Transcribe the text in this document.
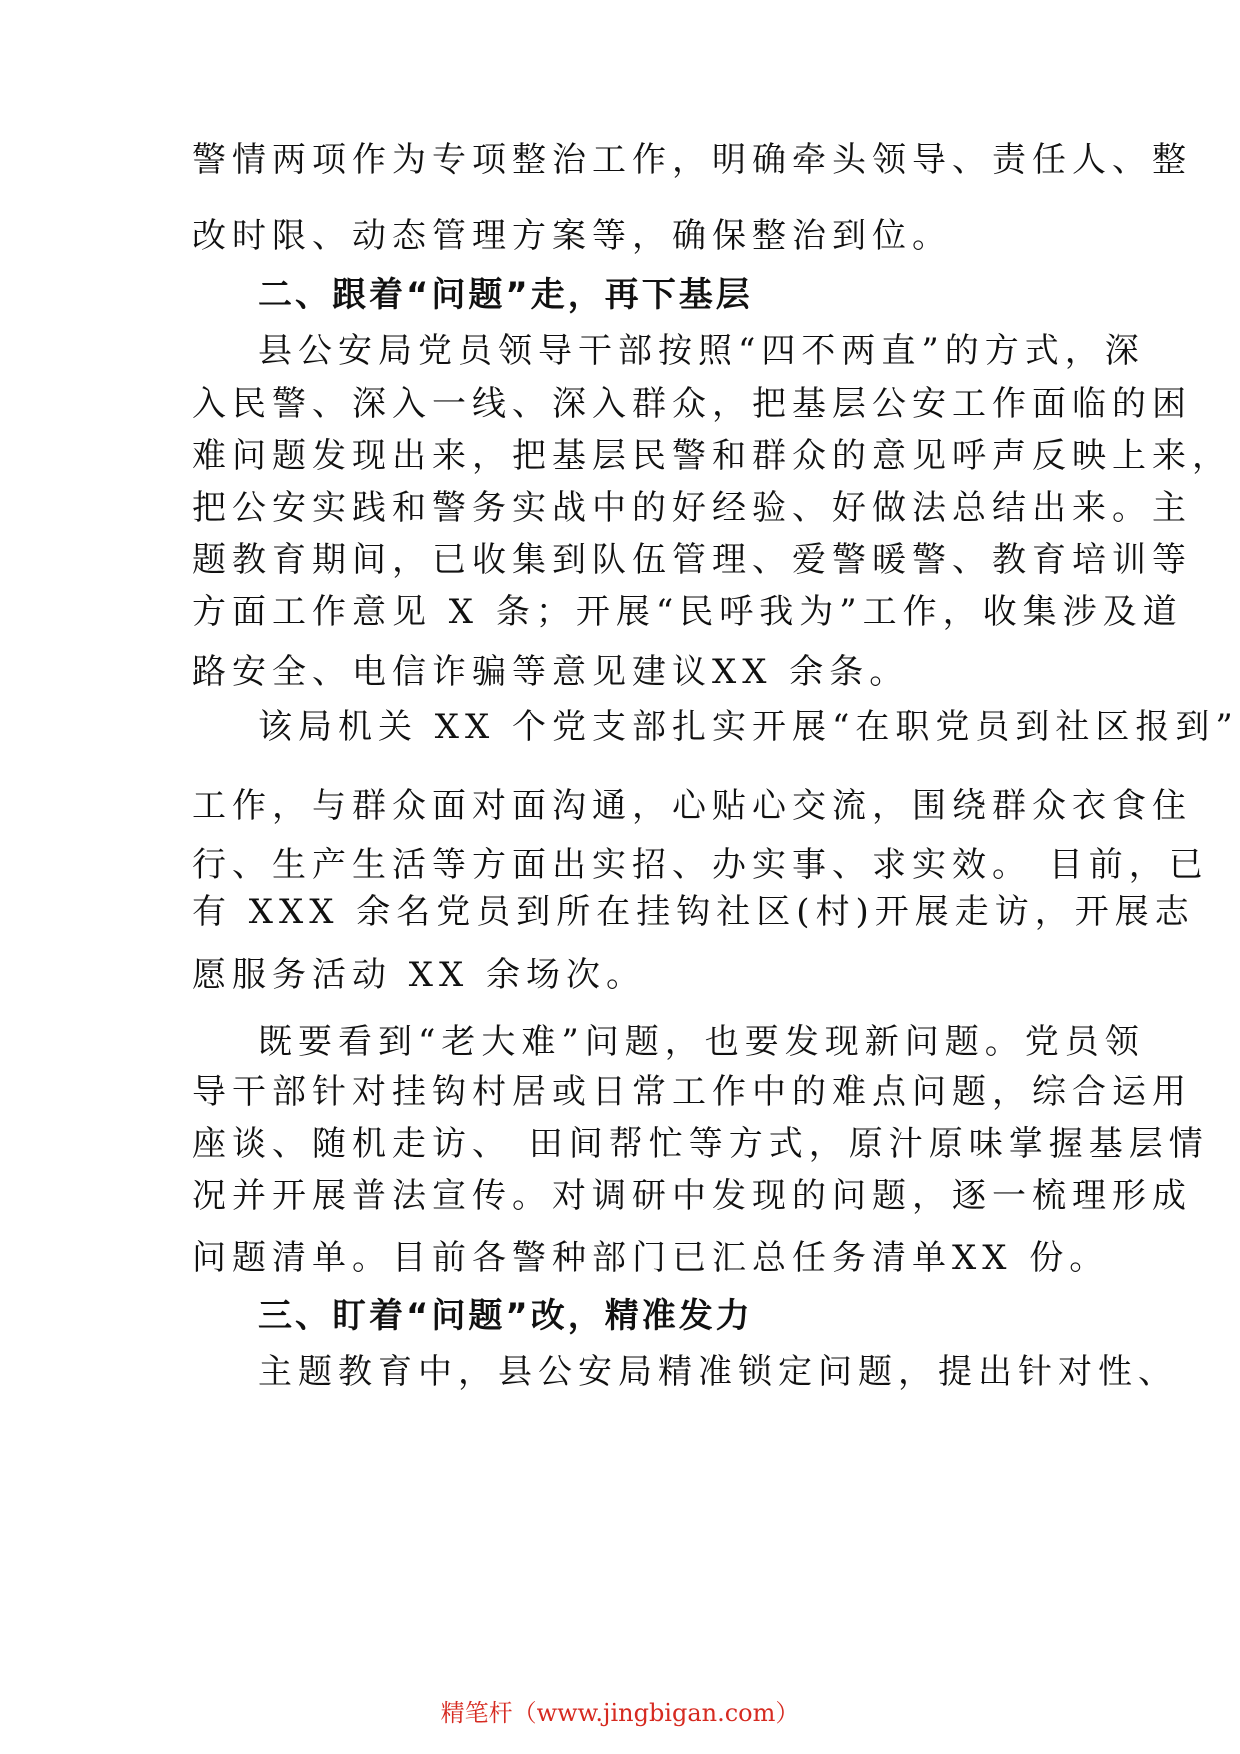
警情两项作为专项整治工作，明确牵头领导、责任人、整

改时限、动态管理方案等，确保整治到位。

二、跟着“问题”走，再下基层

县公安局党员领导干部按照“四不两直”的方式，深

入民警、深入一线、深入群众，把基层公安工作面临的困

难问题发现出来，把基层民警和群众的意见呼声反映上来，

把公安实践和警务实战中的好经验、好做法总结出来。主

题教育期间，已收集到队伍管理、爱警暖警、教育培训等

方面工作意见 X 条；开展“民呼我为”工作，收集涉及道

路安全、电信诈骗等意见建议XX 余条。

该局机关 XX 个党支部扎实开展“在职党员到社区报到”

工作，与群众面对面沟通，心贴心交流，围绕群众衣食住

行、生产生活等方面出实招、办实事、求实效。 目前，已

有 XXX 余名党员到所在挂钩社区(村)开展走访，开展志

愿服务活动 XX 余场次。

既要看到“老大难”问题，也要发现新问题。党员领

导干部针对挂钩村居或日常工作中的难点问题，综合运用

座谈、随机走访、 田间帮忙等方式，原汁原味掌握基层情

况并开展普法宣传。对调研中发现的问题，逐一梳理形成

问题清单。目前各警种部门已汇总任务清单XX 份。

三、盯着“问题”改，精准发力

主题教育中，县公安局精准锁定问题，提出针对性、

精笔杆（www.jingbigan.com）
